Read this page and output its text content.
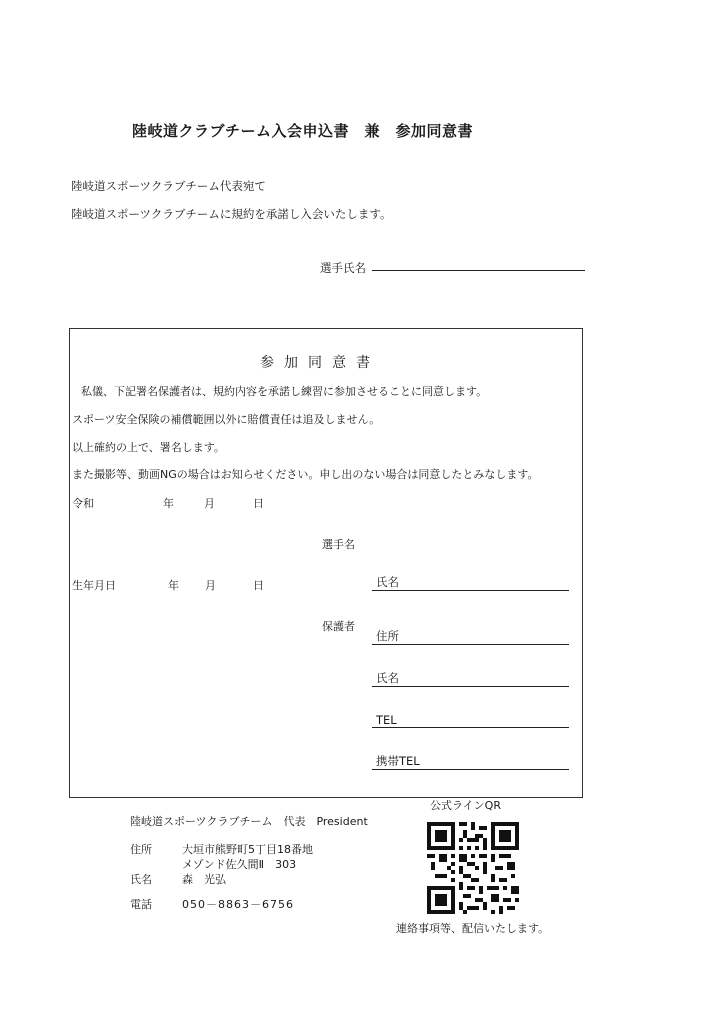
陸岐道クラブチーム入会申込書　兼　参加同意書
陸岐道スポーツクラブチーム代表宛て
陸岐道スポーツクラブチームに規約を承諾し入会いたします。
選手氏名
参加同意書
私儀、下記署名保護者は、規約内容を承諾し練習に参加させることに同意します。
スポーツ安全保険の補償範囲以外に賠償責任は追及しません。
以上確約の上で、署名します。
また撮影等、動画NGの場合はお知らせください。申し出のない場合は同意したとみなします。
令和	年	月	日
選手名
生年月日	年 月	日
保護者
氏名
住所
氏名
TEL
携帯TEL
公式ラインQR
陸岐道スポーツクラブチーム　代表　President
住所	大垣市熊野町5丁目18番地
メゾンド佐久間Ⅱ　303
氏名	森　光弘
電話	050－8863－6756
連絡事項等、配信いたします。
